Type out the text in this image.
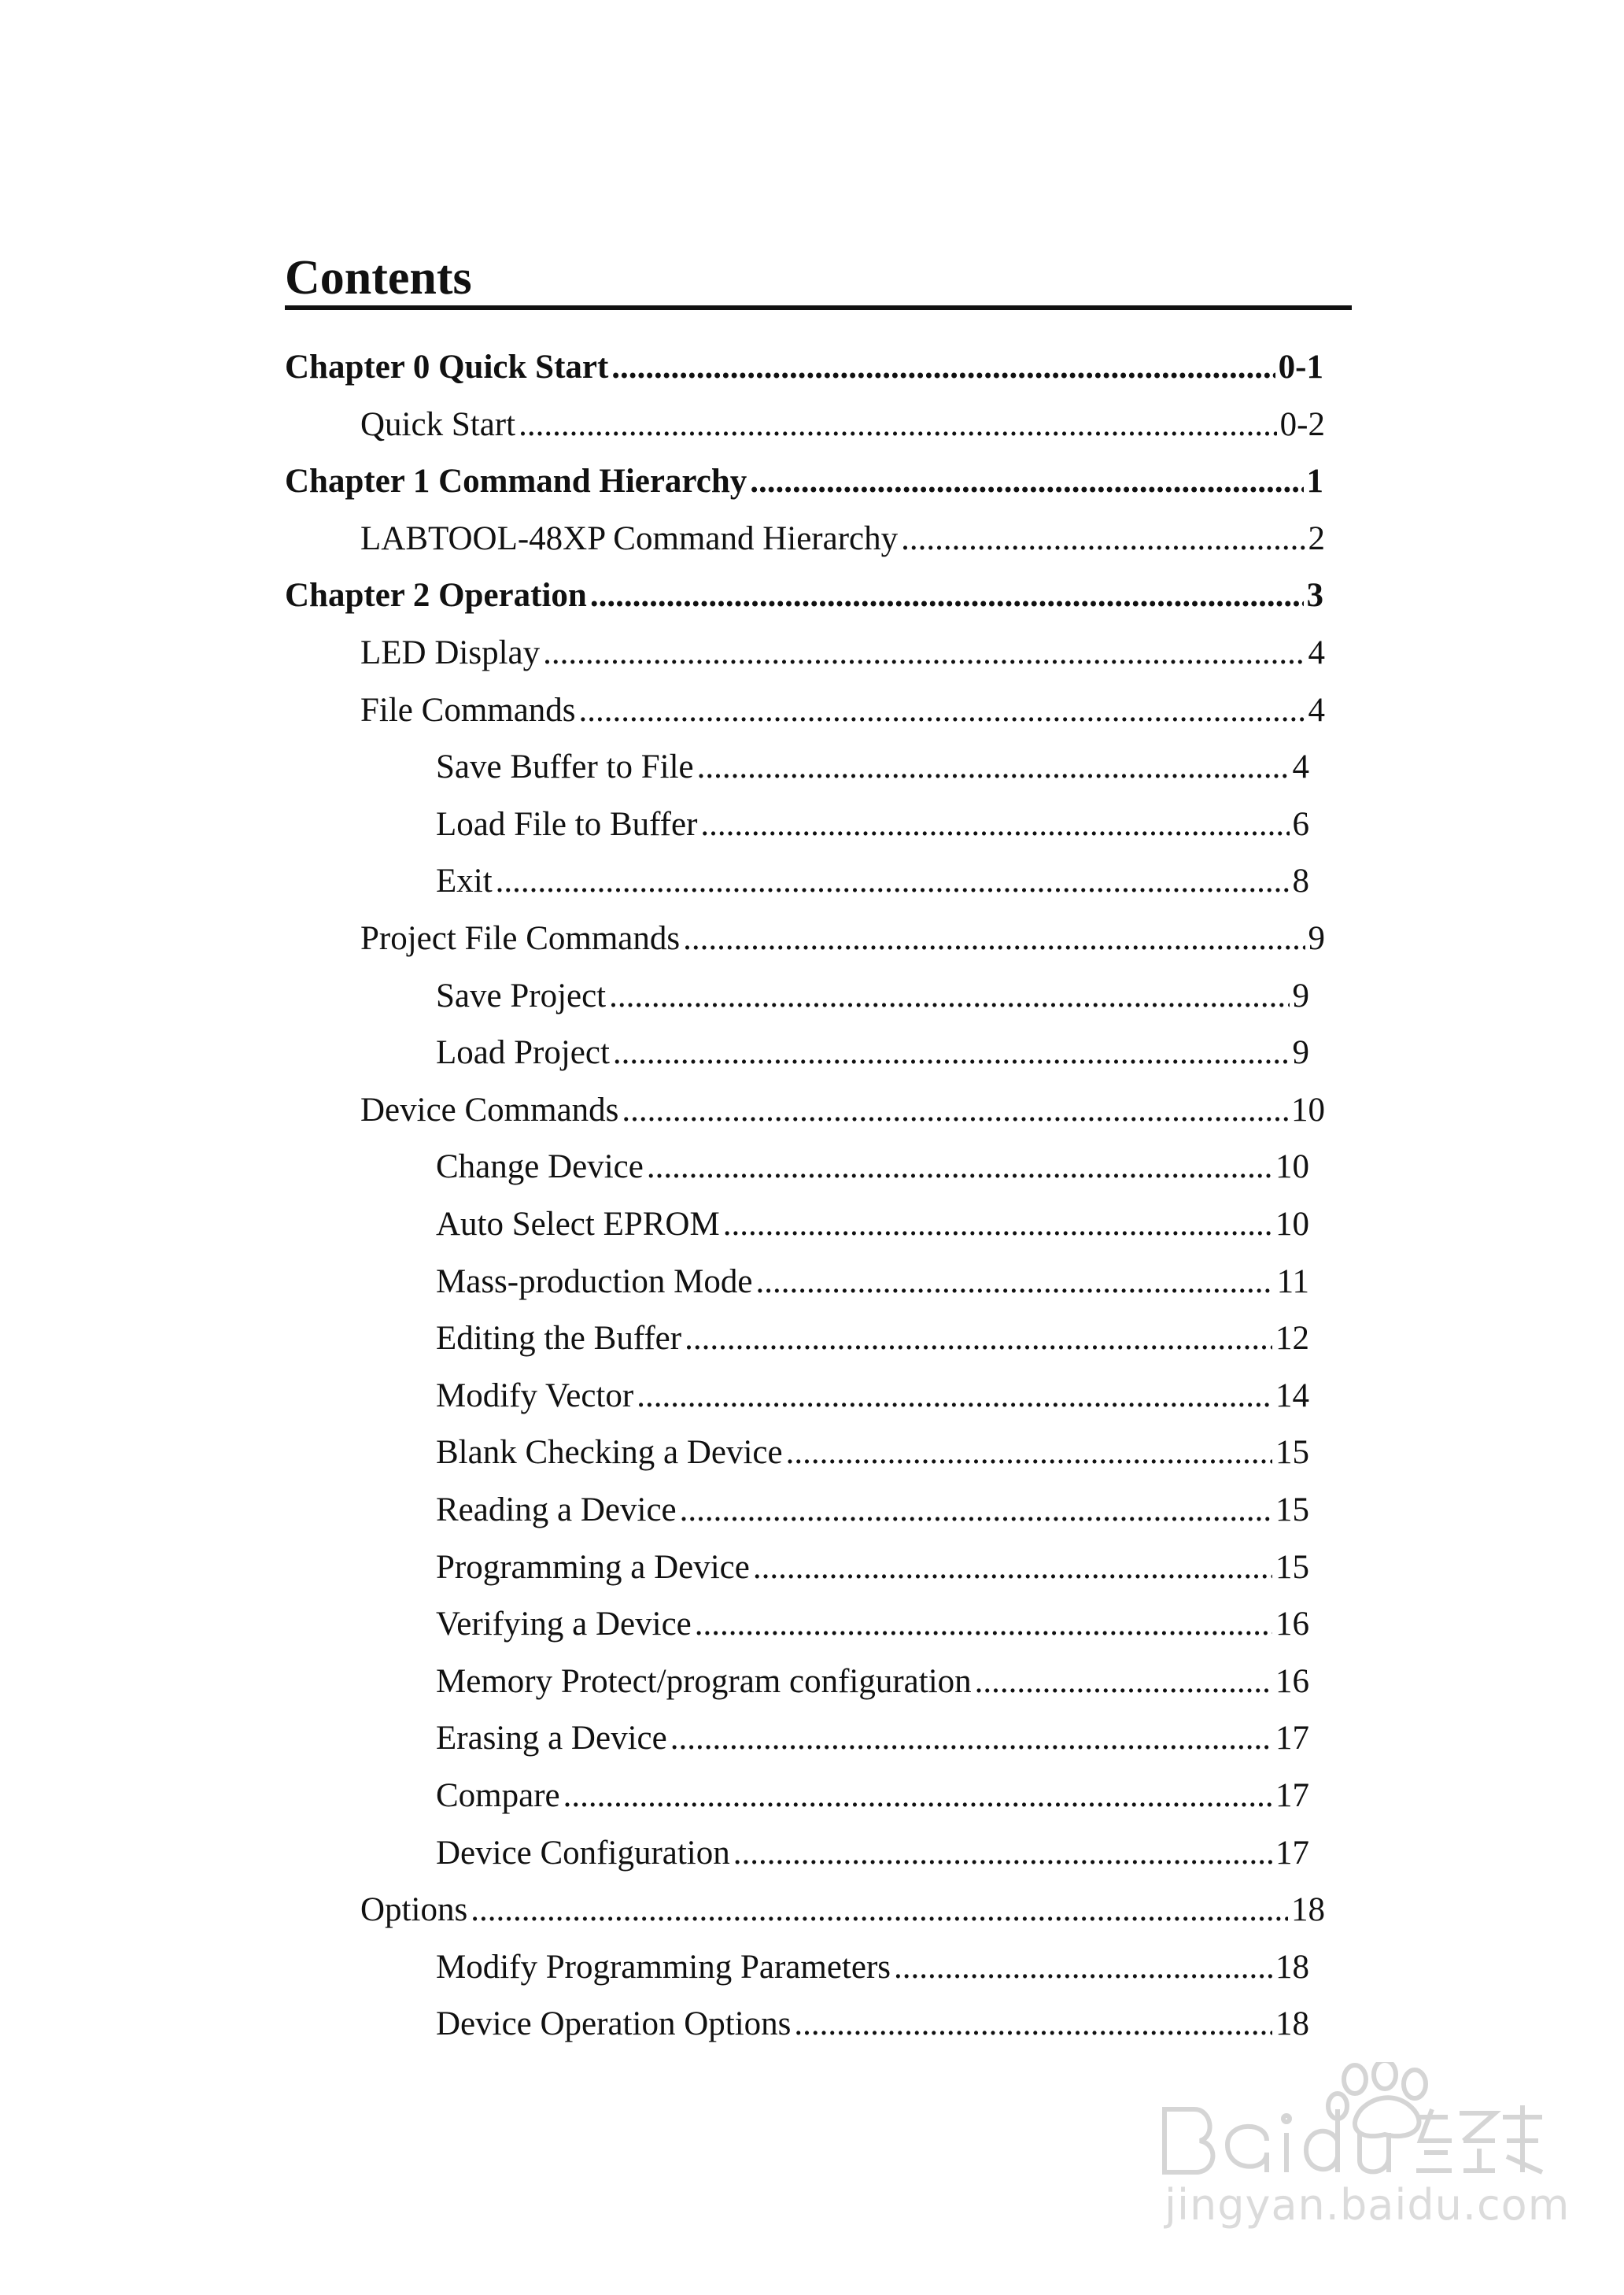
Contents
Chapter 0 Quick Start .....	0-1
Quick Start .....	0-2
Chapter 1 Command Hierarchy .....	1
LABTOOL-48XP Command Hierarchy .....	2
Chapter 2 Operation .....	3
LED Display .....	4
File Commands .....	4
Save Buffer to File .....	4
Load File to Buffer .....	6
Exit .....	8
Project File Commands .....	9
Save Project .....	9
Load Project .....	9
Device Commands .....	10
Change Device .....	10
Auto Select EPROM .....	10
Mass-production Mode .....	11
Editing the Buffer .....	12
Modify Vector .....	14
Blank Checking a Device .....	15
Reading a Device .....	15
Programming a Device .....	15
Verifying a Device .....	16
Memory Protect/program configuration .....	16
Erasing a Device .....	17
Compare .....	17
Device Configuration .....	17
Options .....	18
Modify Programming Parameters .....	18
Device Operation Options .....	18
jingyan.baidu.com
